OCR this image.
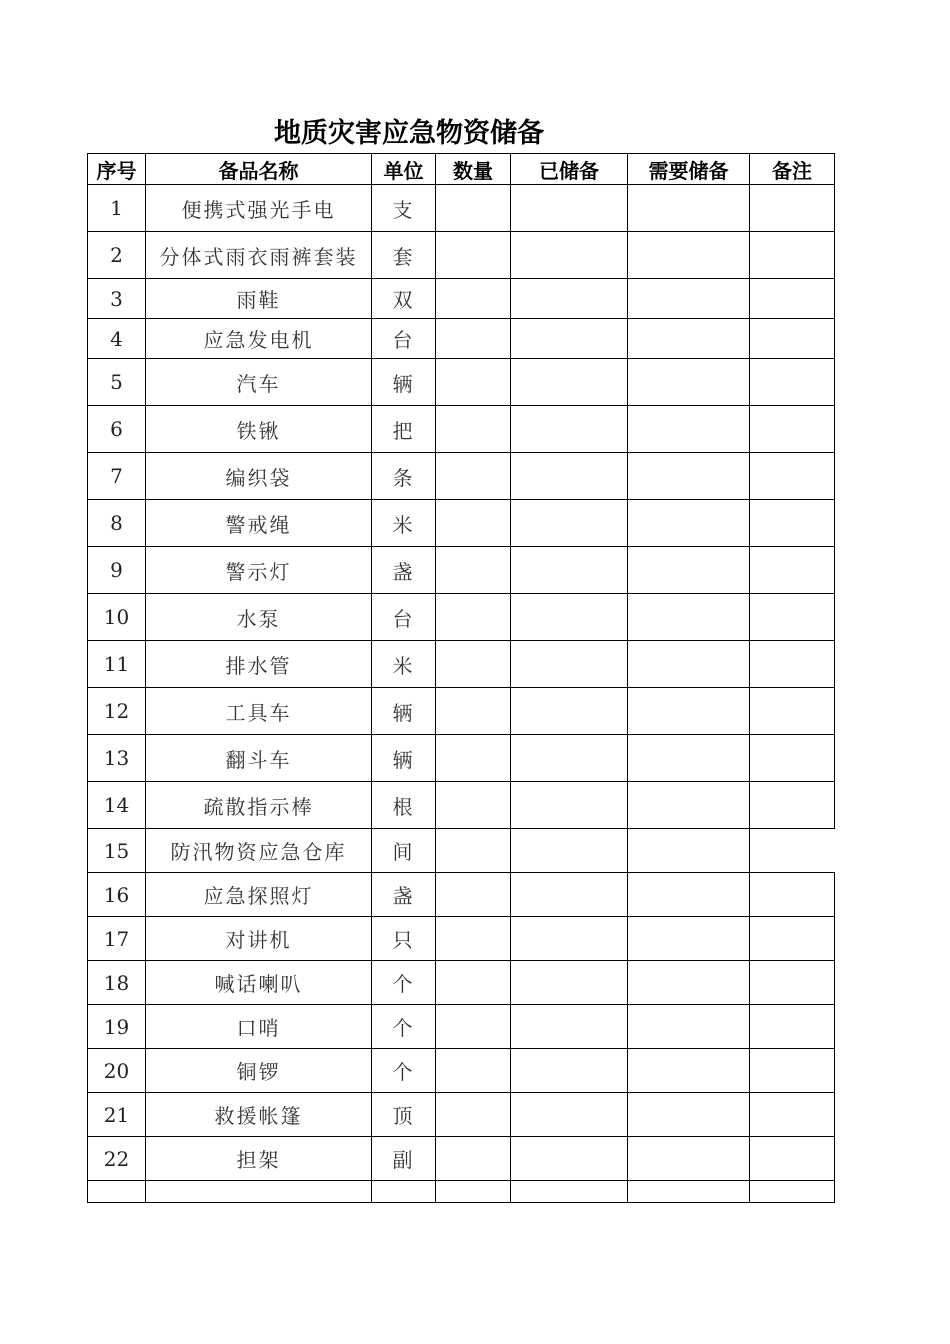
地质灾害应急物资储备
序号	备品名称	单位	数量	已储备	需要储备	备注
1	便携式强光手电	支				
2	分体式雨衣雨裤套装	套				
3	雨鞋	双				
4	应急发电机	台				
5	汽车	辆				
6	铁锹	把				
7	编织袋	条				
8	警戒绳	米				
9	警示灯	盏				
10	水泵	台				
11	排水管	米				
12	工具车	辆				
13	翻斗车	辆				
14	疏散指示棒	根				
15	防汛物资应急仓库	间				
16	应急探照灯	盏				
17	对讲机	只				
18	喊话喇叭	个				
19	口哨	个				
20	铜锣	个				
21	救援帐篷	顶				
22	担架	副				
